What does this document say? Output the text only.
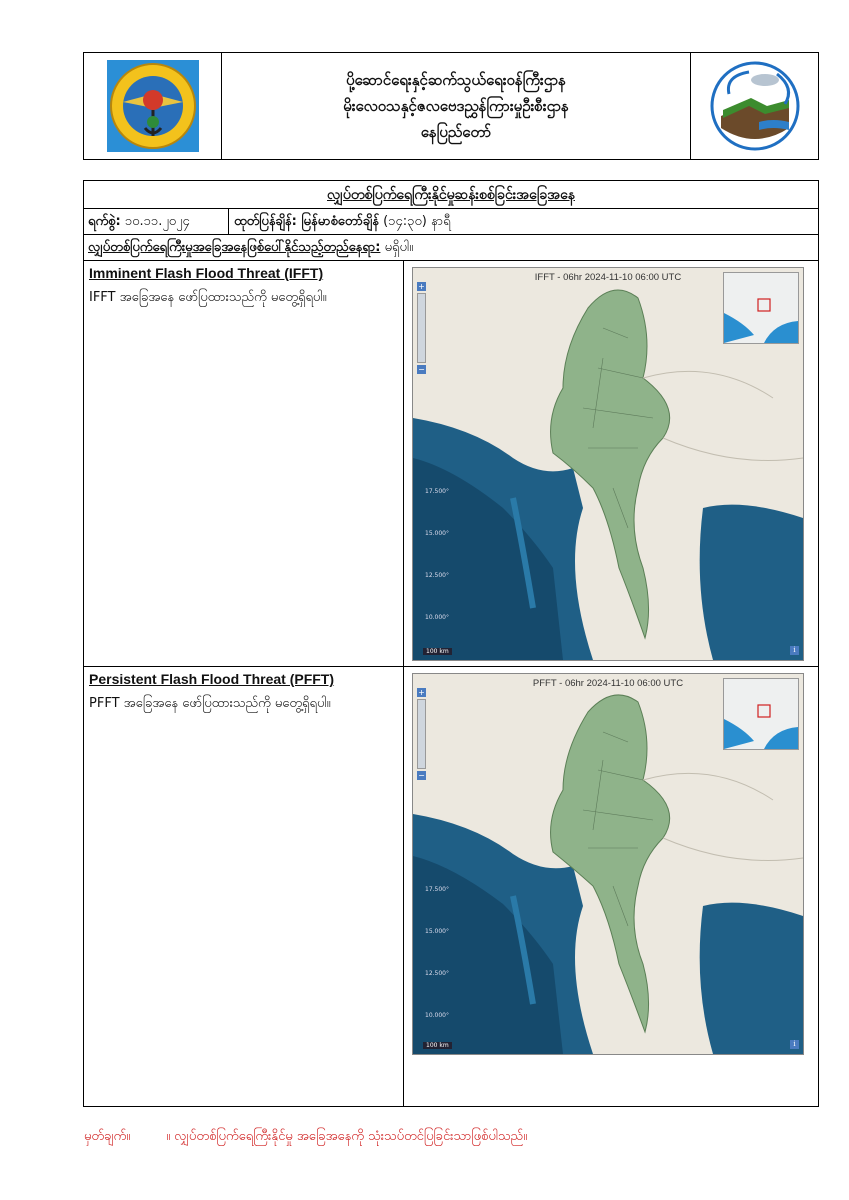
ပို့ဆောင်ရေးနှင့်ဆက်သွယ်ရေးဝန်ကြီးဌာန
မိုးလေဝသနှင့်ဇလဗေဒညွှန်ကြားမှုဦးစီးဌာန
နေပြည်တော်
လျှပ်တစ်ပြက်ရေကြီးနိုင်မှုဆန်းစစ်ခြင်းအခြေအနေ
ရက်စွဲ: ၁၀.၁၁.၂၀၂၄	ထုတ်ပြန်ချိန်: မြန်မာစံတော်ချိန် (၁၄:၃၀) နာရီ
လျှပ်တစ်ပြက်ရေကြီးမှုအခြေအနေဖြစ်ပေါ်နိုင်သည့်တည်နေရာ: မရှိပါ။
Imminent Flash Flood Threat (IFFT)
IFFT အခြေအနေ ဖော်ပြထားသည်ကို မတွေ့ရှိရပါ။
IFFT - 06hr 2024-11-10 06:00 UTC
+
−
17.500°
15.000°
12.500°
10.000°
100 km	i
Persistent Flash Flood Threat (PFFT)
PFFT အခြေအနေ ဖော်ပြထားသည်ကို မတွေ့ရှိရပါ။
PFFT - 06hr 2024-11-10 06:00 UTC
+
−
17.500°
15.000°
12.500°
10.000°
100 km	i
မှတ်ချက်။	။ လျှပ်တစ်ပြက်ရေကြီးနိုင်မှု အခြေအနေကို သုံးသပ်တင်ပြခြင်းသာဖြစ်ပါသည်။
